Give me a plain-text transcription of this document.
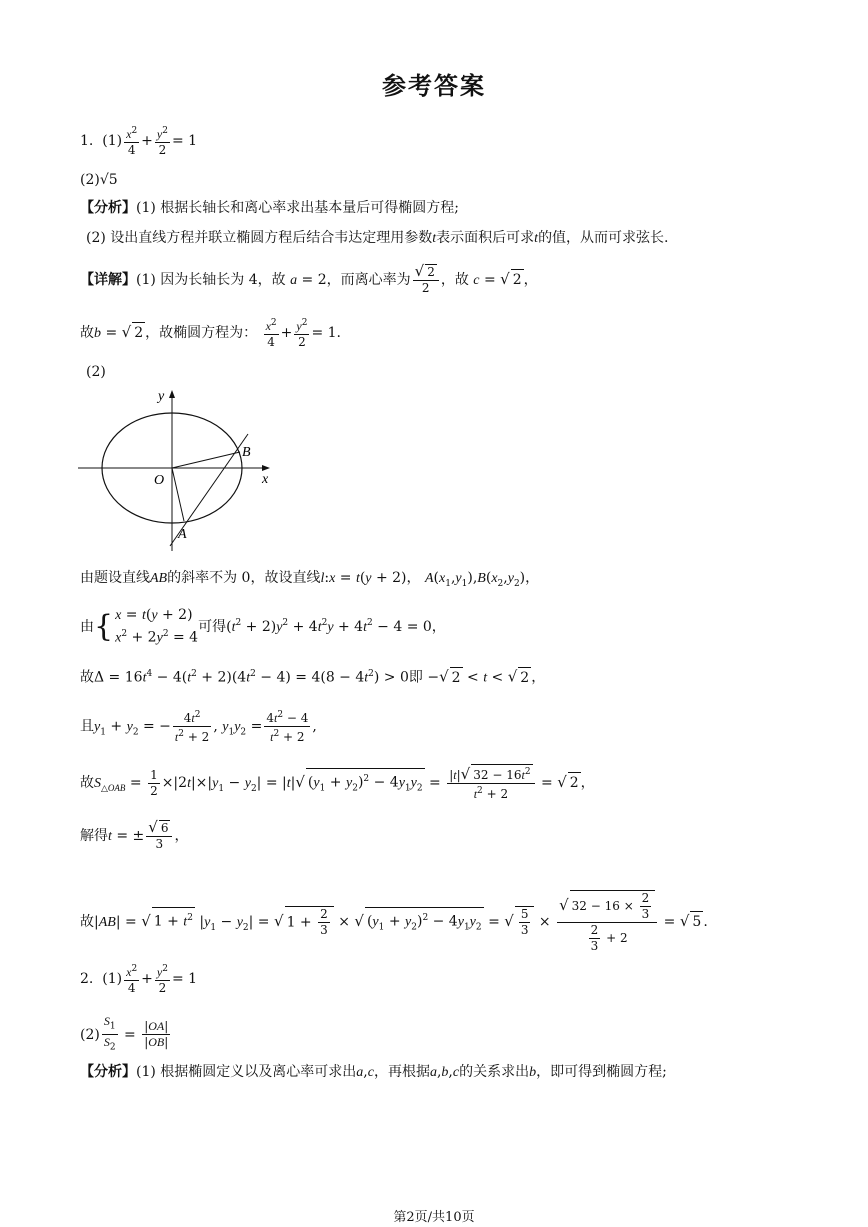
参考答案
1. $(1) \frac{x^2}{4} + \frac{y^2}{2} = 1$
(2)√5
【分析】(1) 根据长轴长和离心率求出基本量后可得椭圆方程;
(2) 设出直线方程并联立椭圆方程后结合韦达定理用参数t表示面积后可求t的值，从而可求弦长.
【详解】(1) 因为长轴长为 4，故 a = 2，而离心率为 $\frac{√ 2}{2}$ ，故 c = √ 2 ，
故b = √ 2 ，故椭圆方程为： $\frac{x^2}{4} + \frac{y^2}{2} = 1$.
(2)
x
y
O
B
A
由题设直线AB的斜率不为 0，故设直线l:x = t(y + 2)， $A(x_1,y_1),B(x_2,y_2)$，
由{ x = t(y + 2)
$x^2 + 2y^2 = 4$可得$(t^2 + 2)y^2 + 4t^2y + 4t^2 - 4 = 0$，
故$\Delta = 16t^4 - 4(t^2 + 2)(4t^2 - 4) = 4(8 - 4t^2) > 0$即 −√ 2 < t < √ 2 ，
且$y_1 + y_2$ = − $\frac{4t^2}{t^2 + 2}$ , $y_1y_2 = \frac{4t^2 - 4}{t^2 + 2}$ ,
故$S_{\triangle OAB} = \frac{1}{2} \times|2t|\times|y_1 - y_2| = |t|√$ $(y_1 + y_2)^2 - 4y_1y_2 = \frac{|t|√ 32 - 16t^2}{t^2 + 2}$ = √ 2 ，
解得t = ± $\frac{√ 6}{3}$ ，
故|AB| = √ $1 + t^2$ $|y_1 - y_2|$ = √ $1 + \frac{2}{3}$ × √ $(y_1 + y_2)^2 - 4y_1y_2$ = √ $\frac{5}{3} \times \frac{√ 32 - 16 \times \frac{2}{3}}{\frac{2}{3} + 2}$ = √ 5 .
2. $(1) \frac{x^2}{4} + \frac{y^2}{2} = 1$
$(2) \frac{S_1}{S_2} = \frac{|OA|}{|OB|}$
【分析】(1) 根据椭圆定义以及离心率可求出a,c，再根据a,b,c的关系求出b，即可得到椭圆方程;
第2页/共10页
